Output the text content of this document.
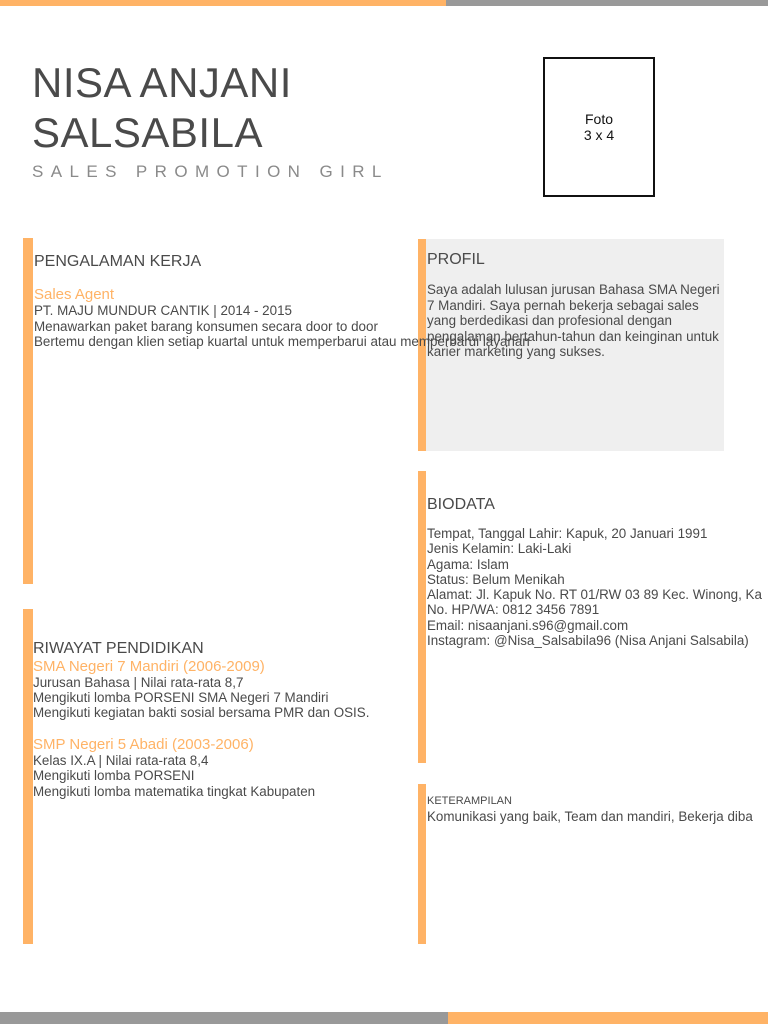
NISA ANJANI
SALSABILA
SALES PROMOTION GIRL
Foto
3 x 4
PENGALAMAN KERJA
Sales Agent
PT. MAJU MUNDUR CANTIK | 2014 - 2015
Menawarkan paket barang konsumen secara door to door
Bertemu dengan klien setiap kuartal untuk memperbarui atau memperbarui layanan
PROFIL
Saya adalah lulusan jurusan Bahasa SMA Negeri 7 Mandiri. Saya pernah bekerja sebagai sales yang berdedikasi dan profesional dengan pengalaman bertahun-tahun dan keinginan untuk karier marketing yang sukses.
BIODATA
Tempat, Tanggal Lahir: Kapuk, 20 Januari 1991
Jenis Kelamin: Laki-Laki
Agama: Islam
Status: Belum Menikah
Alamat: Jl. Kapuk No. RT 01/RW 03 89 Kec. Winong, Ka
No. HP/WA: 0812 3456 7891
Email: nisaanjani.s96@gmail.com
Instagram: @Nisa_Salsabila96 (Nisa Anjani Salsabila)
RIWAYAT PENDIDIKAN
SMA Negeri 7 Mandiri (2006-2009)
Jurusan Bahasa | Nilai rata-rata 8,7
Mengikuti lomba PORSENI SMA Negeri 7 Mandiri
Mengikuti kegiatan bakti sosial bersama PMR dan OSIS.
SMP Negeri 5 Abadi (2003-2006)
Kelas IX.A | Nilai rata-rata 8,4
Mengikuti lomba PORSENI
Mengikuti lomba matematika tingkat Kabupaten
KETERAMPILAN
Komunikasi yang baik, Team dan mandiri, Bekerja diba
